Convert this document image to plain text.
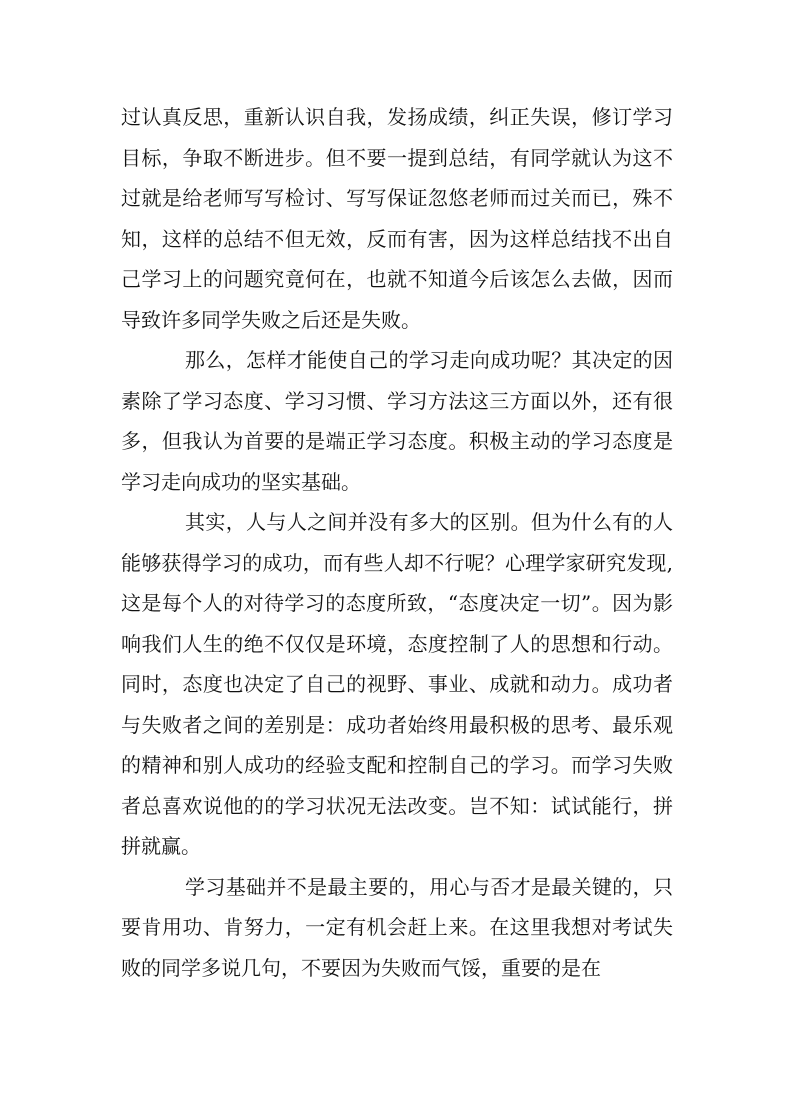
过认真反思，重新认识自我，发扬成绩，纠正失误，修订学习目标，争取不断进步。但不要一提到总结，有同学就认为这不过就是给老师写写检讨、写写保证忽悠老师而过关而已，殊不知，这样的总结不但无效，反而有害，因为这样总结找不出自己学习上的问题究竟何在，也就不知道今后该怎么去做，因而导致许多同学失败之后还是失败。

那么，怎样才能使自己的学习走向成功呢？其决定的因素除了学习态度、学习习惯、学习方法这三方面以外，还有很多，但我认为首要的是端正学习态度。积极主动的学习态度是学习走向成功的坚实基础。

其实，人与人之间并没有多大的区别。但为什么有的人能够获得学习的成功，而有些人却不行呢？心理学家研究发现,这是每个人的对待学习的态度所致，“态度决定一切”。因为影响我们人生的绝不仅仅是环境，态度控制了人的思想和行动。同时，态度也决定了自己的视野、事业、成就和动力。成功者与失败者之间的差别是：成功者始终用最积极的思考、最乐观的精神和别人成功的经验支配和控制自己的学习。而学习失败者总喜欢说他的的学习状况无法改变。岂不知：试试能行，拼拼就赢。

学习基础并不是最主要的，用心与否才是最关键的，只要肯用功、肯努力，一定有机会赶上来。在这里我想对考试失败的同学多说几句，不要因为失败而气馁，重要的是在
